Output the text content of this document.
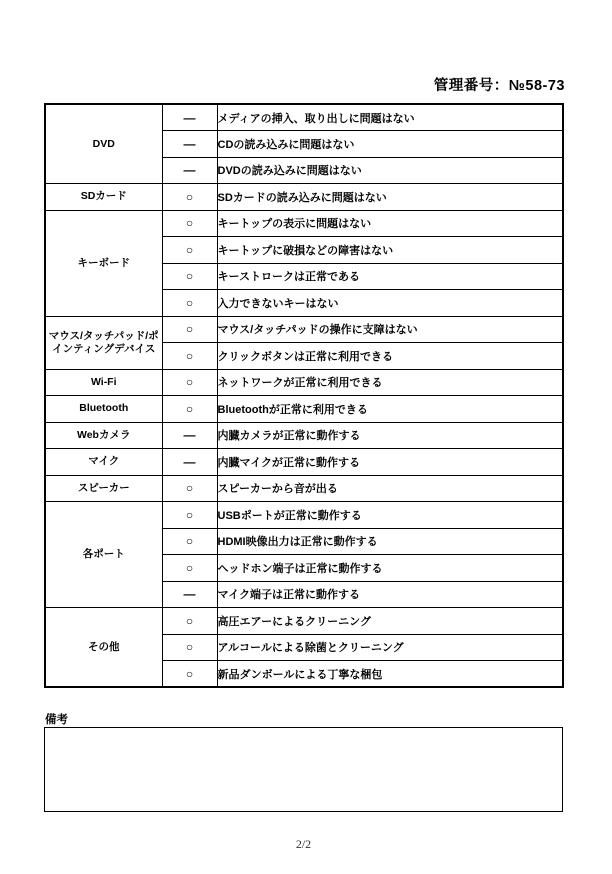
管理番号：№58-73
DVD	—	メディアの挿入、取り出しに問題はない
	—	CDの読み込みに問題はない
	—	DVDの読み込みに問題はない
SDカード	○	SDカードの読み込みに問題はない
キーボード	○	キートップの表示に問題はない
	○	キートップに破損などの障害はない
	○	キーストロークは正常である
	○	入力できないキーはない
マウス/タッチパッド/ポインティングデバイス	○	マウス/タッチパッドの操作に支障はない
	○	クリックボタンは正常に利用できる
Wi-Fi	○	ネットワークが正常に利用できる
Bluetooth	○	Bluetoothが正常に利用できる
Webカメラ	—	内臓カメラが正常に動作する
マイク	—	内臓マイクが正常に動作する
スピーカー	○	スピーカーから音が出る
各ポート	○	USBポートが正常に動作する
	○	HDMI映像出力は正常に動作する
	○	ヘッドホン端子は正常に動作する
	—	マイク端子は正常に動作する
その他	○	高圧エアーによるクリーニング
	○	アルコールによる除菌とクリーニング
	○	新品ダンボールによる丁寧な梱包
備考
2/2
